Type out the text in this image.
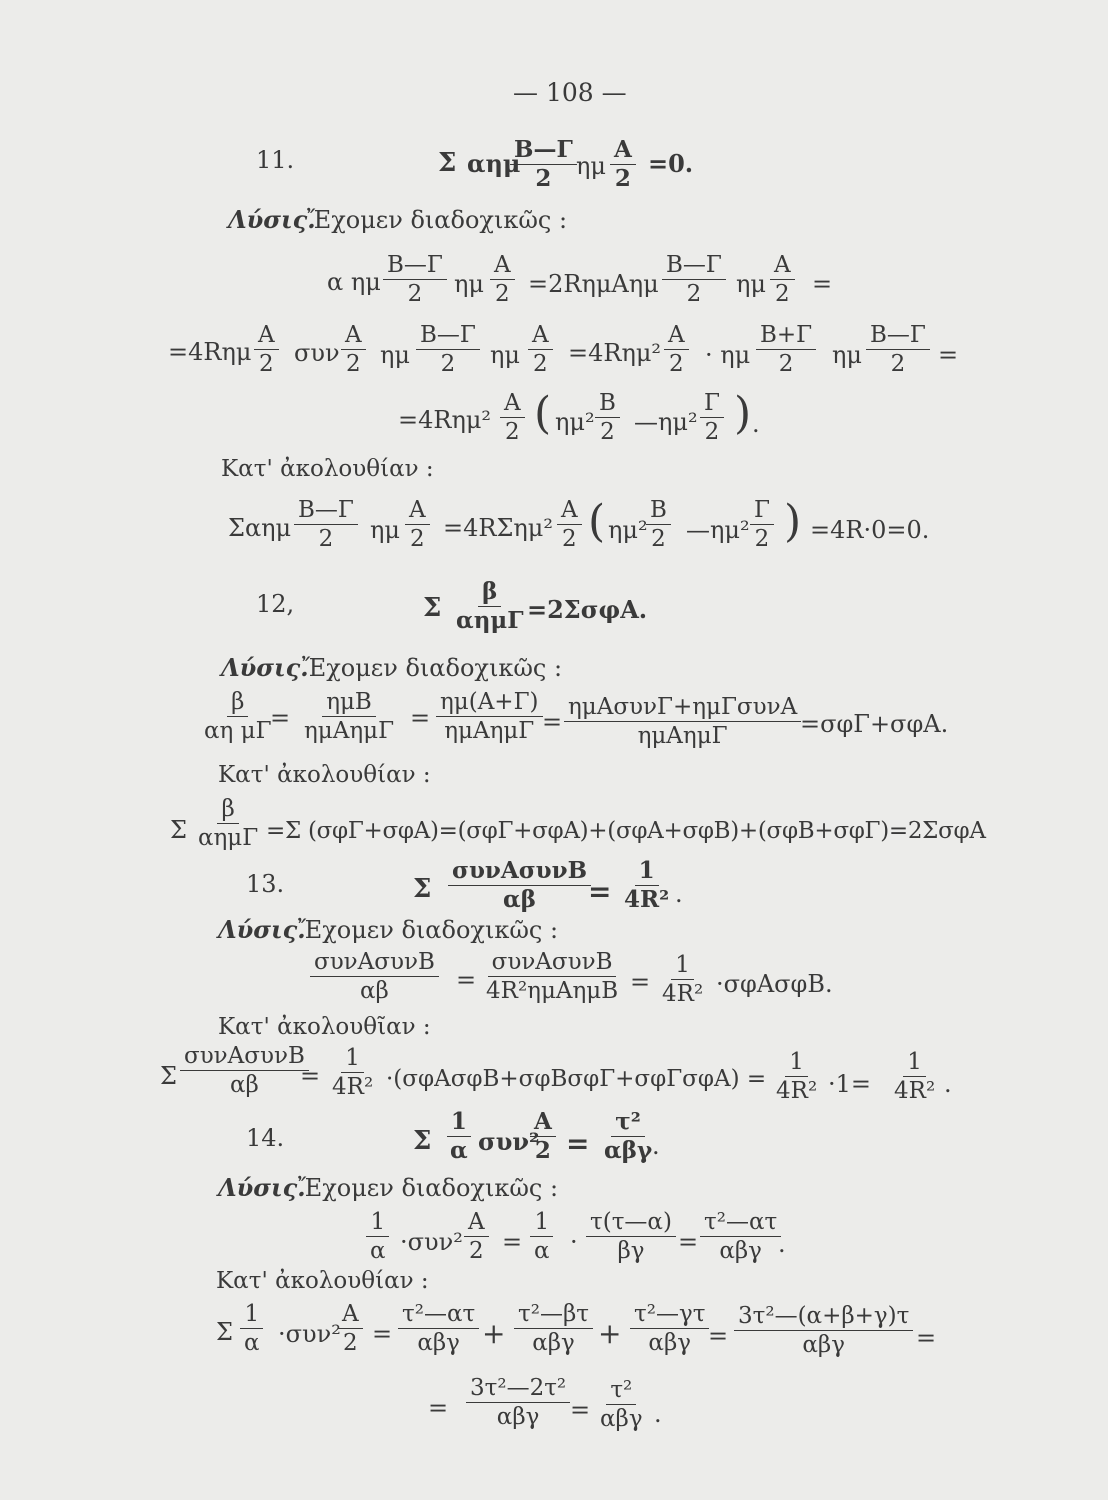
— 108 —
11.	Σ αημ
Β—Γ
2 ημ
Α
2
=0.
Λύσις.
Ἔχομεν διαδοχικῶς :
α ημ
Β—Γ
2 ημ
Α
2 =2RημΑημ
Β—Γ
2 ημ
Α
2 =
=4Rημ
Α
2 συν
Α
2 ημ
Β—Γ
2 ημ
Α
2 =4Rημ²
Α
2 · ημ
Β+Γ
2 ημ
Β—Γ
2 =
=4Rημ²
Α
2 ( ημ²
Β
2 —ημ²
Γ
2 ) .
Κατ' ἀκολουθίαν :
Σαημ
Β—Γ
2 ημ
Α
2 =4RΣημ²
Α
2 ( ημ²
Β
2 —ημ²
Γ
2 ) =4R·0=0.
12,	Σ
β
αημΓ =2ΣσφΑ.
Λύσις.
Ἔχομεν διαδοχικῶς :
β
αη μΓ
=
ημΒ
ημΑημΓ =
ημ(Α+Γ)
ημΑημΓ =
ημΑσυνΓ+ημΓσυνΑ
ημΑημΓ	=σφΓ+σφΑ.
Κατ' ἀκολουθίαν :
Σ
β
αημΓ =Σ (σφΓ+σφΑ)=(σφΓ+σφΑ)+(σφΑ+σφΒ)+(σφΒ+σφΓ)=2ΣσφΑ
13.	Σ
συνΑσυνΒ
αβ =
1
4R² .
Λύσις.
Ἔχομεν διαδοχικῶς :
συνΑσυνΒ
αβ	=
συνΑσυνΒ
4R²ημΑημΒ =
1
4R² ·σφΑσφΒ.
Κατ' ἀκολουθῖαν :
Σ
συνΑσυνΒ
αβ =
1
4R² ·(σφΑσφΒ+σφΒσφΓ+σφΓσφΑ) =
1
4R² ·1=
1
4R² .
14.	Σ
1
α συν²
Α
2 =
τ²
αβγ .
Λύσις.
Ἔχομεν διαδοχικῶς :
1
α ·συν²
Α
2 =
1
α ·
τ(τ—α)
βγ =
τ²—ατ
αβγ .
Κατ' ἀκολουθίαν :
Σ
1
α ·συν²
Α
2 =
τ²—ατ
αβγ +
τ²—βτ
αβγ +
τ²—γτ
αβγ =
3τ²—(α+β+γ)τ
αβγ	=
=
3τ²—2τ²
αβγ =
τ²
αβγ .
